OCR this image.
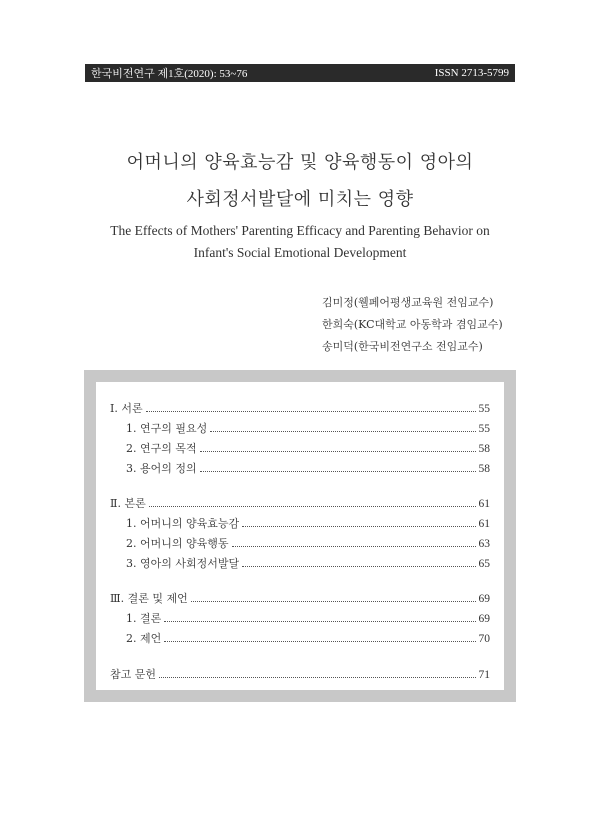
한국비전연구 제1호(2020): 53~76	ISSN 2713-5799
어머니의 양육효능감 및 양육행동이 영아의
사회정서발달에 미치는 영향
The Effects of Mothers' Parenting Efficacy and Parenting Behavior on
Infant's Social Emotional Development
김미정(웰페어평생교육원 전임교수)
한희숙(KC대학교 아동학과 겸임교수)
송미덕(한국비전연구소 전임교수)
Ⅰ. 서론	55
1. 연구의 필요성	55
2. 연구의 목적	58
3. 용어의 정의	58
Ⅱ. 본론	61
1. 어머니의 양육효능감	61
2. 어머니의 양육행동	63
3. 영아의 사회정서발달	65
Ⅲ. 결론 및 제언	69
1. 결론	69
2. 제언	70
참고 문헌	71
